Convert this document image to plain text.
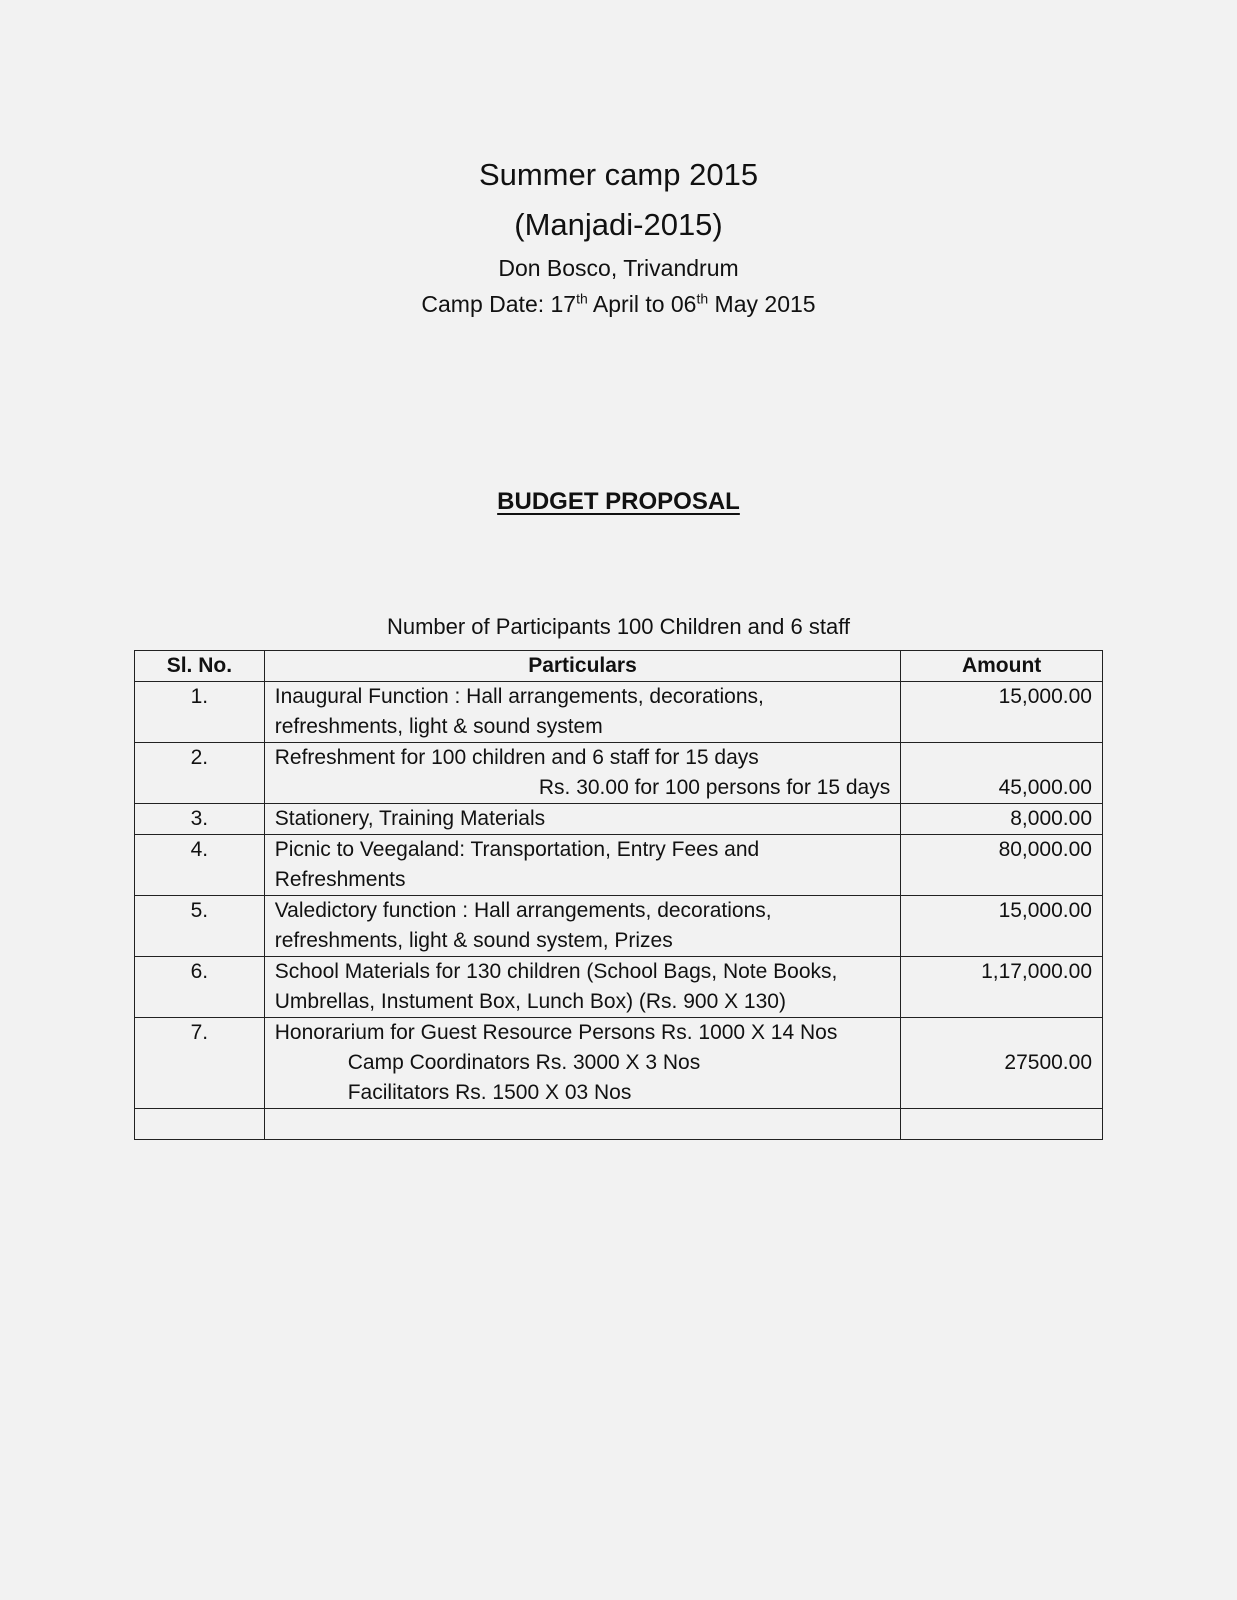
Summer camp 2015

(Manjadi-2015)

Don Bosco, Trivandrum

Camp Date: 17th April to 06th May 2015

BUDGET PROPOSAL
Number of Participants 100 Children and 6 staff
Sl. No.	Particulars	Amount
1.	Inaugural Function : Hall arrangements, decorations,
refreshments, light & sound system	15,000.00
2.	Refreshment for 100 children and 6 staff for 15 days
Rs. 30.00 for 100 persons for 15 days	45,000.00
3.	Stationery, Training Materials	8,000.00
4.	Picnic to Veegaland: Transportation, Entry Fees and
Refreshments	80,000.00
5.	Valedictory function : Hall arrangements, decorations,
refreshments, light & sound system, Prizes	15,000.00
6.	School Materials for 130 children (School Bags, Note Books,
Umbrellas, Instument Box, Lunch Box) (Rs. 900 X 130)	1,17,000.00
7.	Honorarium for Guest Resource Persons Rs. 1000 X 14 Nos
Camp Coordinators Rs. 3000 X 3 Nos
Facilitators Rs. 1500 X 03 Nos	27500.00
